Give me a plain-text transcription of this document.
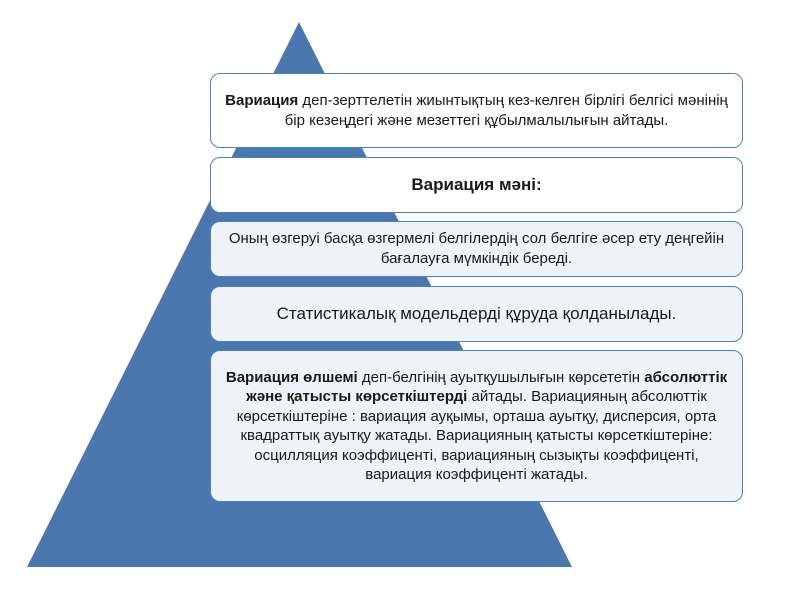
Вариация деп-зерттелетін жиынтықтың кез-келген бірлігі белгісі мәнінің бір кезеңдегі және мезеттегі құбылмалылығын айтады.
Вариация мәні:
Оның өзгеруі басқа өзгермелі белгілердің сол белгіге әсер ету деңгейін бағалауға мүмкіндік береді.
Статистикалық модельдерді құруда қолданылады.
Вариация өлшемі деп-белгінің ауытқушылығын көрсететін абсолюттік және қатысты көрсеткіштерді айтады. Вариацияның абсолюттік көрсеткіштеріне : вариация ауқымы, орташа ауытқу, дисперсия, орта квадраттық ауытқу жатады. Вариацияның қатысты көрсеткіштеріне: осцилляция коэффиценті, вариацияның сызықты коэффиценті, вариация коэффиценті жатады.
